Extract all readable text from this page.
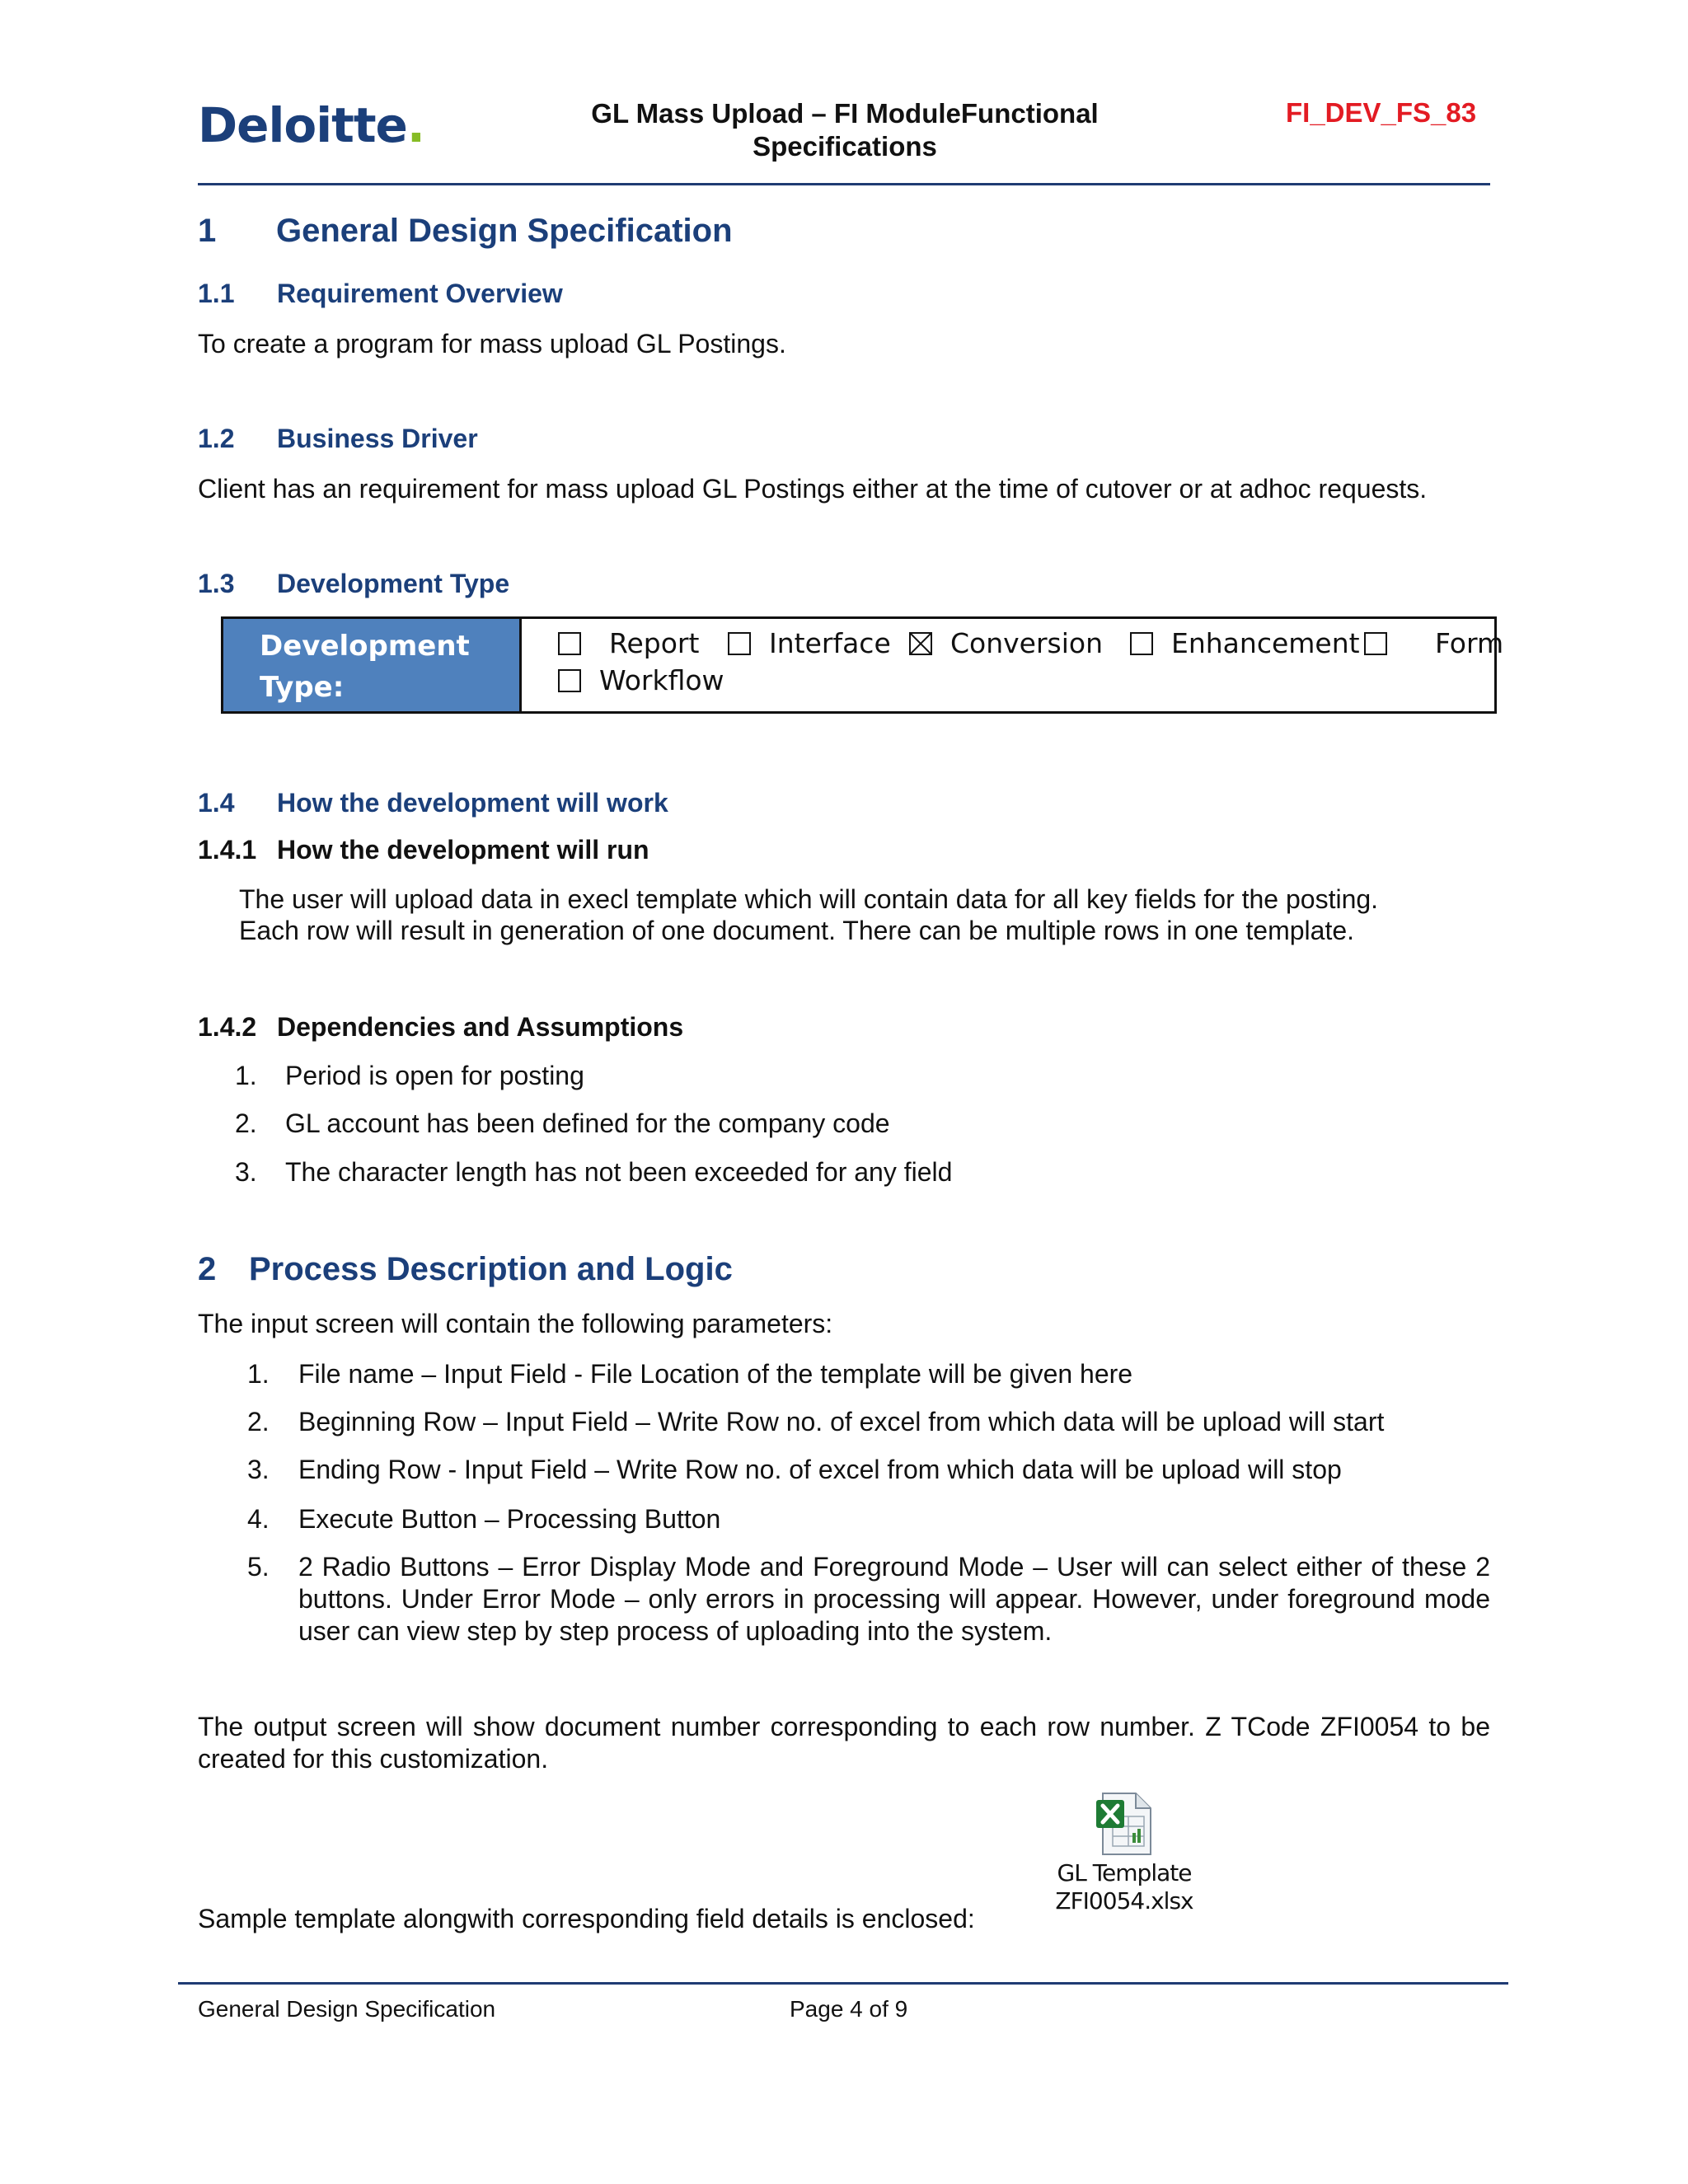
Deloitte.	GL Mass Upload – FI ModuleFunctional Specifications
FI_DEV_FS_83
1 General Design Specification
1.1 Requirement Overview
To create a program for mass upload GL Postings.
1.2 Business Driver
Client has an requirement for mass upload GL Postings either at the time of cutover or at adhoc requests.
1.3 Development Type
Development Type:
Report	Interface Conversion	Enhancement	Form
Workflow
1.4 How the development will work
1.4.1 How the development will run
The user will upload data in execl template which will contain data for all key fields for the posting.
Each row will result in generation of one document. There can be multiple rows in one template.
1.4.2 Dependencies and Assumptions
1. Period is open for posting
2. GL account has been defined for the company code
3. The character length has not been exceeded for any field
2 Process Description and Logic
The input screen will contain the following parameters:
1. File name – Input Field - File Location of the template will be given here
2. Beginning Row – Input Field – Write Row no. of excel from which data will be upload will start
3. Ending Row - Input Field – Write Row no. of excel from which data will be upload will stop
4. Execute Button – Processing Button
5. 2 Radio Buttons – Error Display Mode and Foreground Mode – User will can select either of these 2 buttons. Under Error Mode – only errors in processing will appear. However, under foreground mode user can view step by step process of uploading into the system.
The output screen will show document number corresponding to each row number. Z TCode ZFI0054 to be created for this customization.
GL Template
ZFI0054.xlsx
Sample template alongwith corresponding field details is enclosed:
General Design Specification	Page 4 of 9
